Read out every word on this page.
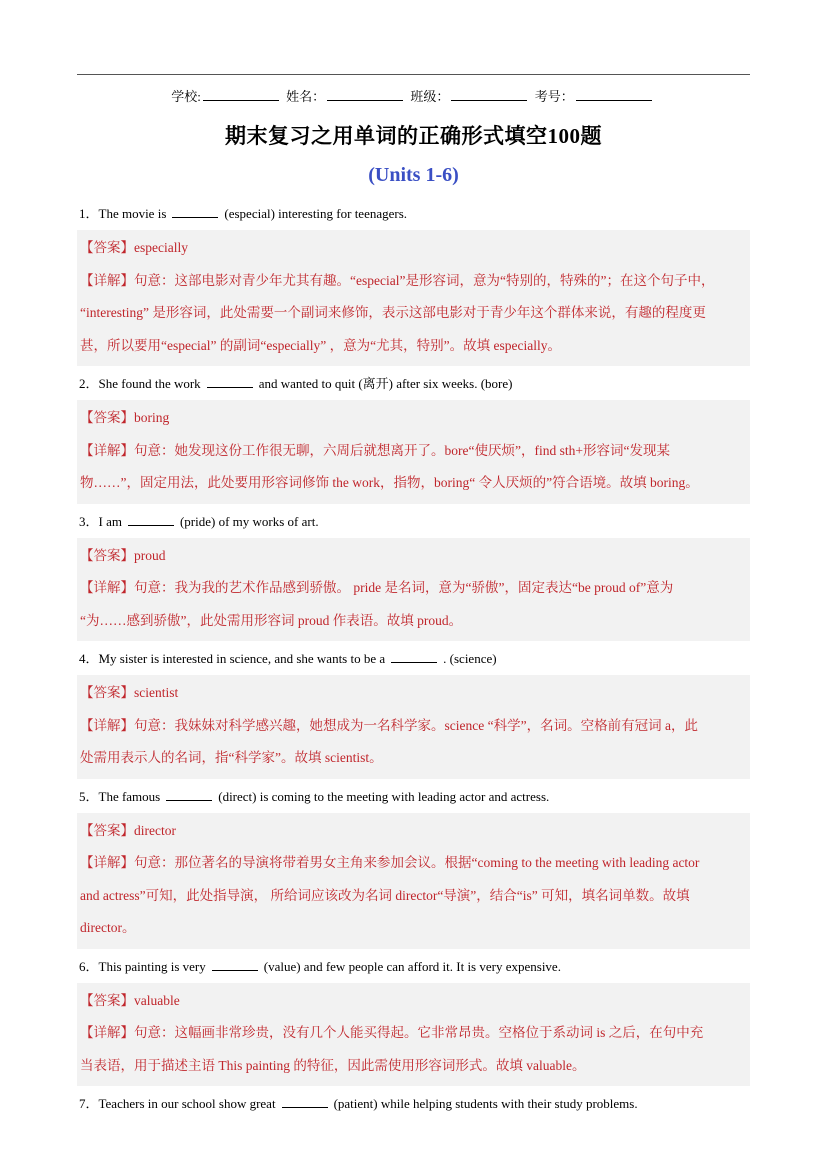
学校:	姓名：	班级：	考号：
期末复习之用单词的正确形式填空100题
(Units 1-6)
1．The movie is	(especial) interesting for teenagers.
【答案】especially
【详解】句意：这部电影对青少年尤其有趣。“especial”是形容词，意为“特别的，特殊的”；在这个句子中，
“interesting” 是形容词，此处需要一个副词来修饰，表示这部电影对于青少年这个群体来说，有趣的程度更
甚，所以要用“especial” 的副词“especially” ，意为“尤其，特别”。故填 especially。
2．She found the work	and wanted to quit (离开) after six weeks. (bore)
【答案】boring
【详解】句意：她发现这份工作很无聊，六周后就想离开了。bore“使厌烦”，find sth+形容词“发现某
物……”，固定用法，此处要用形容词修饰 the work，指物，boring“ 令人厌烦的”符合语境。故填 boring。
3．I am	(pride) of my works of art.
【答案】proud
【详解】句意：我为我的艺术作品感到骄傲。 pride 是名词，意为“骄傲”，固定表达“be proud of”意为
“为……感到骄傲”，此处需用形容词 proud 作表语。故填 proud。
4．My sister is interested in science, and she wants to be a	. (science)
【答案】scientist
【详解】句意：我妹妹对科学感兴趣，她想成为一名科学家。science “科学”，名词。空格前有冠词 a，此
处需用表示人的名词，指“科学家”。故填 scientist。
5．The famous	(direct) is coming to the meeting with leading actor and actress.
【答案】director
【详解】句意：那位著名的导演将带着男女主角来参加会议。根据“coming to the meeting with leading actor
and actress”可知，此处指导演， 所给词应该改为名词 director“导演”，结合“is” 可知，填名词单数。故填
director。
6．This painting is very	(value) and few people can afford it. It is very expensive.
【答案】valuable
【详解】句意：这幅画非常珍贵，没有几个人能买得起。它非常昂贵。空格位于系动词 is 之后，在句中充
当表语，用于描述主语 This painting 的特征，因此需使用形容词形式。故填 valuable。
7．Teachers in our school show great	(patient) while helping students with their study problems.
